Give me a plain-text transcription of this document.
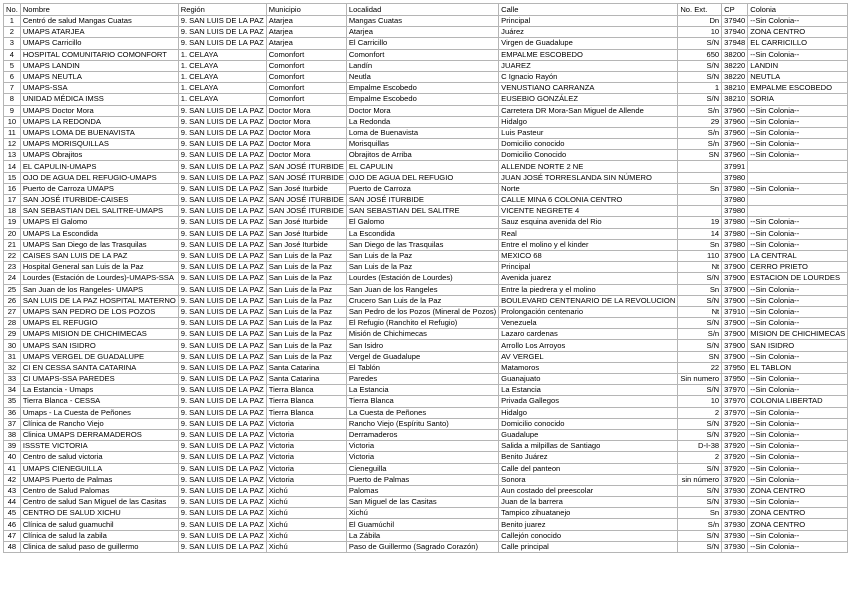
No.	Nombre	Región	Municipio	Localidad	Calle	No. Ext.	CP	Colonia
1	Centró de salud Mangas Cuatas	9. SAN LUIS DE LA PAZ	Atarjea	Mangas Cuatas	Principal	Dn	37940	--Sin Colonia--
2	UMAPS ATARJEA	9. SAN LUIS DE LA PAZ	Atarjea	Atarjea	Juárez	10	37940	ZONA CENTRO
3	UMAPS Carricillo	9. SAN LUIS DE LA PAZ	Atarjea	El Carricillo	Virgen de Guadalupe	S/N	37948	EL CARRICILLO
4	HOSPITAL COMUNITARIO COMONFORT	1. CELAYA	Comonfort	Comonfort	EMPALME ESCOBEDO	650	38200	--Sin Colonia--
5	UMAPS LANDIN	1. CELAYA	Comonfort	Landín	JUAREZ	S/N	38220	LANDIN
6	UMAPS NEUTLA	1. CELAYA	Comonfort	Neutla	C Ignacio Rayón	S/N	38220	NEUTLA
7	UMAPS-SSA	1. CELAYA	Comonfort	Empalme Escobedo	VENUSTIANO CARRANZA	1	38210	EMPALME ESCOBEDO
8	UNIDAD MÉDICA IMSS	1. CELAYA	Comonfort	Empalme Escobedo	EUSEBIO GONZÁLEZ	S/N	38210	SORIA
9	UMAPS Doctor Mora	9. SAN LUIS DE LA PAZ	Doctor Mora	Doctor Mora	Carretera DR Mora-San Miguel de Allende	S/n	37960	--Sin Colonia--
10	UMAPS LA REDONDA	9. SAN LUIS DE LA PAZ	Doctor Mora	La Redonda	Hidalgo	29	37960	--Sin Colonia--
11	UMAPS LOMA DE BUENAVISTA	9. SAN LUIS DE LA PAZ	Doctor Mora	Loma de Buenavista	Luis Pasteur	S/n	37960	--Sin Colonia--
12	UMAPS MORISQUILLAS	9. SAN LUIS DE LA PAZ	Doctor Mora	Morisquillas	Domicilio conocido	S/n	37960	--Sin Colonia--
13	UMAPS Obrajitos	9. SAN LUIS DE LA PAZ	Doctor Mora	Obrajitos de Arriba	Domicilio Conocido	SN	37960	--Sin Colonia--
14	EL CAPULIN-UMAPS	9. SAN LUIS DE LA PAZ	SAN JOSÉ ITURBIDE	EL CAPULIN	ALLENDE NORTE 2 NE		37991	
15	OJO DE AGUA DEL REFUGIO-UMAPS	9. SAN LUIS DE LA PAZ	SAN JOSÉ ITURBIDE	OJO DE AGUA DEL REFUGIO	JUAN JOSÉ TORRESLANDA SIN NÚMERO		37980	
16	Puerto de Carroza UMAPS	9. SAN LUIS DE LA PAZ	San José Iturbide	Puerto de Carroza	Norte	Sn	37980	--Sin Colonia--
17	SAN JOSÉ ITURBIDE-CAISES	9. SAN LUIS DE LA PAZ	SAN JOSÉ ITURBIDE	SAN JOSÉ ITURBIDE	CALLE MINA 6 COLONIA CENTRO		37980	
18	SAN SEBASTIAN DEL SALITRE-UMAPS	9. SAN LUIS DE LA PAZ	SAN JOSÉ ITURBIDE	SAN SEBASTIAN DEL SALITRE	VICENTE NEGRETE 4		37980	
19	UMAPS El Galomo	9. SAN LUIS DE LA PAZ	San José Iturbide	El Galomo	Sauz esquina avenida del Rio	19	37980	--Sin Colonia--
20	UMAPS La Escondida	9. SAN LUIS DE LA PAZ	San José Iturbide	La Escondida	Real	14	37980	--Sin Colonia--
21	UMAPS San Diego de las Trasquilas	9. SAN LUIS DE LA PAZ	San José Iturbide	San Diego de las Trasquilas	Entre el molino y el kinder	Sn	37980	--Sin Colonia--
22	CAISES SAN LUIS DE LA PAZ	9. SAN LUIS DE LA PAZ	San Luis de la Paz	San Luis de la Paz	MEXICO 68	110	37900	LA CENTRAL
23	Hospital General san Luis de la Paz	9. SAN LUIS DE LA PAZ	San Luis de la Paz	San Luis de la Paz	Principal	Nt	37900	CERRO PRIETO
24	Lourdes (Estación de Lourdes)-UMAPS-SSA	9. SAN LUIS DE LA PAZ	San Luis de la Paz	Lourdes (Estación de Lourdes)	Avenida juarez	S/N	37900	ESTACION DE LOURDES
25	San Juan de los Rangeles- UMAPS	9. SAN LUIS DE LA PAZ	San Luis de la Paz	San Juan de los Rangeles	Entre la piedrera y el molino	Sn	37900	--Sin Colonia--
26	SAN LUIS DE LA PAZ HOSPITAL MATERNO	9. SAN LUIS DE LA PAZ	San Luis de la Paz	Crucero San Luis de la Paz	BOULEVARD CENTENARIO DE LA REVOLUCION	S/N	37900	--Sin Colonia--
27	UMAPS SAN PEDRO DE LOS POZOS	9. SAN LUIS DE LA PAZ	San Luis de la Paz	San Pedro de los Pozos (Mineral de Pozos)	Prolongación centenario	Nt	37910	--Sin Colonia--
28	UMAPS EL REFUGIO	9. SAN LUIS DE LA PAZ	San Luis de la Paz	El Refugio (Ranchito el Refugio)	Venezuela	S/N	37900	--Sin Colonia--
29	UMAPS MISION DE CHICHIMECAS	9. SAN LUIS DE LA PAZ	San Luis de la Paz	Misión de Chichimecas	Lazaro cardenas	S/n	37900	MISION DE CHICHIMECAS
30	UMAPS SAN ISIDRO	9. SAN LUIS DE LA PAZ	San Luis de la Paz	San Isidro	Arrollo Los Arroyos	S/N	37900	SAN ISIDRO
31	UMAPS VERGEL DE GUADALUPE	9. SAN LUIS DE LA PAZ	San Luis de la Paz	Vergel de Guadalupe	AV VERGEL	SN	37900	--Sin Colonia--
32	CI EN CESSA SANTA CATARINA	9. SAN LUIS DE LA PAZ	Santa Catarina	El Tablón	Matamoros	22	37950	EL TABLON
33	CI UMAPS-SSA PAREDES	9. SAN LUIS DE LA PAZ	Santa Catarina	Paredes	Guanajuato	Sin numero	37950	--Sin Colonia--
34	La Estancia - Umaps	9. SAN LUIS DE LA PAZ	Tierra Blanca	La Estancia	La Estancia	S/N	37970	--Sin Colonia--
35	Tierra Blanca - CESSA	9. SAN LUIS DE LA PAZ	Tierra Blanca	Tierra Blanca	Privada Gallegos	10	37970	COLONIA LIBERTAD
36	Umaps - La Cuesta de Peñones	9. SAN LUIS DE LA PAZ	Tierra Blanca	La Cuesta de Peñones	Hidalgo	2	37970	--Sin Colonia--
37	Clínica de Rancho Viejo	9. SAN LUIS DE LA PAZ	Victoria	Rancho Viejo (Espíritu Santo)	Domicilio conocido	S/N	37920	--Sin Colonia--
38	Clinica UMAPS DERRAMADEROS	9. SAN LUIS DE LA PAZ	Victoria	Derramaderos	Guadalupe	S/N	37920	--Sin Colonia--
39	ISSSTE VICTORIA	9. SAN LUIS DE LA PAZ	Victoria	Victoria	Salida a milpillas de Santiago	D-I-38	37920	--Sin Colonia--
40	Centro de salud victoria	9. SAN LUIS DE LA PAZ	Victoria	Victoria	Benito Juárez	2	37920	--Sin Colonia--
41	UMAPS CIENEGUILLA	9. SAN LUIS DE LA PAZ	Victoria	Cieneguilla	Calle del panteon	S/N	37920	--Sin Colonia--
42	UMAPS Puerto de Palmas	9. SAN LUIS DE LA PAZ	Victoria	Puerto de Palmas	Sonora	sin número	37920	--Sin Colonia--
43	Centro de Salud Palomas	9. SAN LUIS DE LA PAZ	Xichú	Palomas	Aun costado del preescolar	S/N	37930	ZONA CENTRO
44	Centro de salud San Miguel de las Casitas	9. SAN LUIS DE LA PAZ	Xichú	San Miguel de las Casitas	Juan de la barrera	S/N	37930	--Sin Colonia--
45	CENTRO DE SALUD XICHU	9. SAN LUIS DE LA PAZ	Xichú	Xichú	Tampico zihuatanejo	Sn	37930	ZONA CENTRO
46	Clínica de salud guamuchil	9. SAN LUIS DE LA PAZ	Xichú	El Guamúchil	Benito juarez	S/n	37930	ZONA CENTRO
47	Clínica de salud la zabila	9. SAN LUIS DE LA PAZ	Xichú	La Zábila	Callejón conocido	S/N	37930	--Sin Colonia--
48	Clinica de salud paso de guillermo	9. SAN LUIS DE LA PAZ	Xichú	Paso de Guillermo (Sagrado Corazón)	Calle principal	S/N	37930	--Sin Colonia--
